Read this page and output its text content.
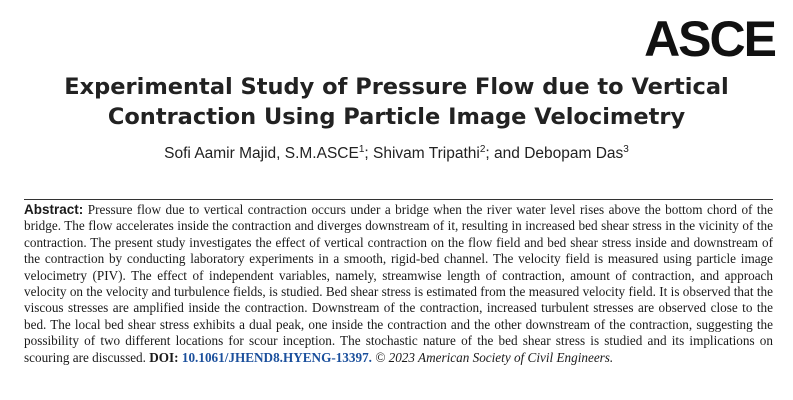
ASCE
Experimental Study of Pressure Flow due to Vertical
Contraction Using Particle Image Velocimetry
Sofi Aamir Majid, S.M.ASCE$^1$; Shivam Tripathi$^2$; and Debopam Das$^3$
Abstract: Pressure flow due to vertical contraction occurs under a bridge when the river water level rises above the bottom chord of the bridge. The flow accelerates inside the contraction and diverges downstream of it, resulting in increased bed shear stress in the vicinity of the contraction. The present study investigates the effect of vertical contraction on the flow field and bed shear stress inside and downstream of the contraction by conducting laboratory experiments in a smooth, rigid-bed channel. The velocity field is measured using particle image velocimetry (PIV). The effect of independent variables, namely, streamwise length of contraction, amount of contraction, and approach velocity on the velocity and turbulence fields, is studied. Bed shear stress is estimated from the measured velocity field. It is observed that the viscous stresses are amplified inside the contraction. Downstream of the contraction, increased turbulent stresses are observed close to the bed. The local bed shear stress exhibits a dual peak, one inside the contraction and the other downstream of the contraction, suggesting the possibility of two different locations for scour inception. The stochastic nature of the bed shear stress is studied and its implications on scouring are discussed. DOI: 10.1061/JHEND8.HYENG-13397. © 2023 American Society of Civil Engineers.
